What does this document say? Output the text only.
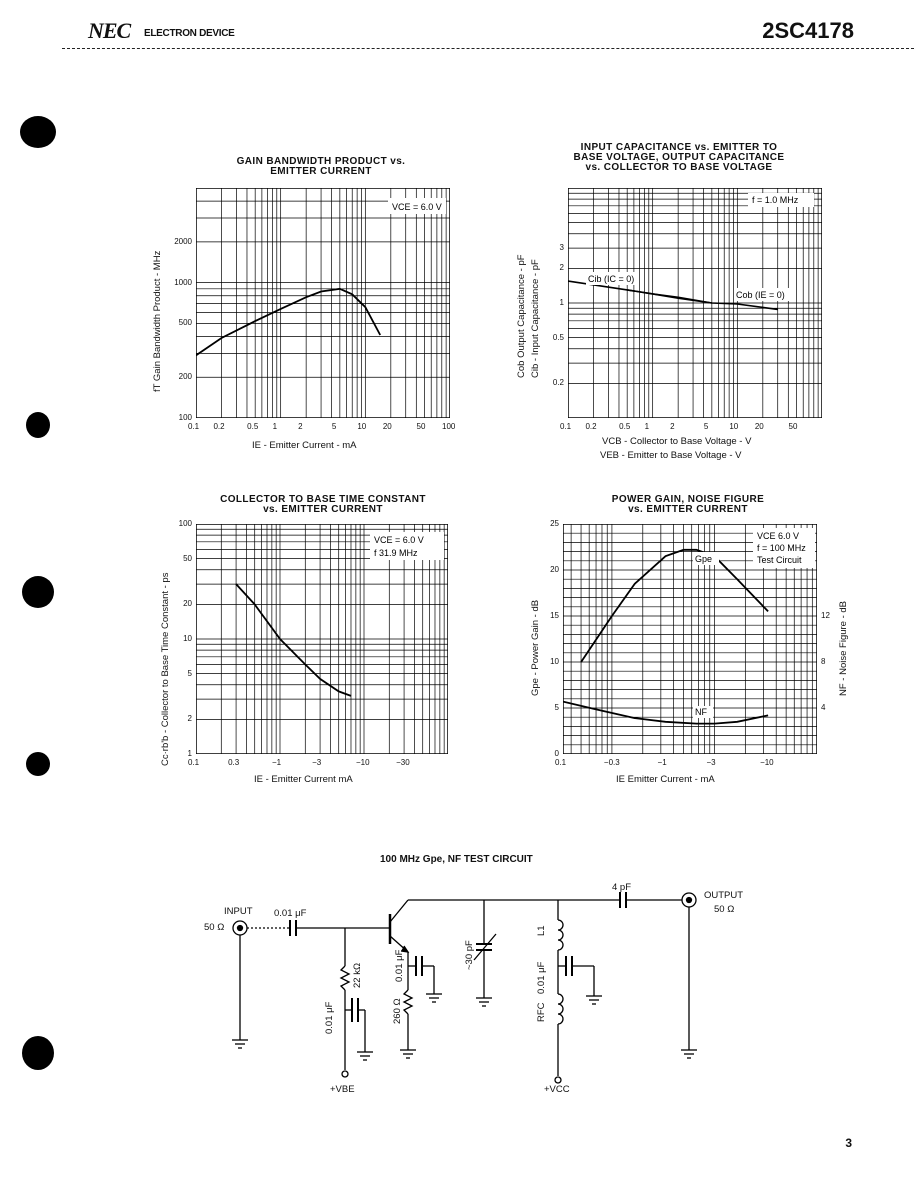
NEC ELECTRON DEVICE	2SC4178
GAIN BANDWIDTH PRODUCT vs.
EMITTER CURRENT
VCE = 6.0 V
fT Gain Bandwidth Product - MHz
IE - Emitter Current - mA
0.1 0.2	0.5 1	2	5	10 20	50 100
100
200
500
1000
2000
INPUT CAPACITANCE vs. EMITTER TO
BASE VOLTAGE, OUTPUT CAPACITANCE
vs. COLLECTOR TO BASE VOLTAGE
f = 1.0 MHz
Cib (IC = 0)
Cob (IE = 0)
Cob Output Capacitance - pF Cib - Input Capacitance - pF
VCB - Collector to Base Voltage - V
VEB - Emitter to Base Voltage - V
0.1 0.2	0.5 1	2	5	10 20	50
0.2
0.5
1
2
3
COLLECTOR TO BASE TIME CONSTANT
vs. EMITTER CURRENT
VCE = 6.0 V
f 31.9 MHz
Cc·rb'b - Collector to Base Time Constant - ps
IE - Emitter Current mA
0.1	0.3	−1	−3	−10	−30
1
2
5
10
20
50
100
POWER GAIN, NOISE FIGURE
vs. EMITTER CURRENT
VCE 6.0 V
f = 100 MHz
Test Circuit
Gpe
NF
Gpe - Power Gain - dB	NF - Noise Figure - dB
IE Emitter Current - mA
0.1	−0.3	−1	−3	−10
0
5
10
15
20
25
4
8
12
100 MHz Gpe, NF TEST CIRCUIT
INPUT
50 Ω
0.01 μF
22 kΩ
0.01 μF
0.01 μF
260 Ω
~30 pF
L1
0.01 μF
RFC
4 pF
OUTPUT
50 Ω
+VBE	+VCC
3
